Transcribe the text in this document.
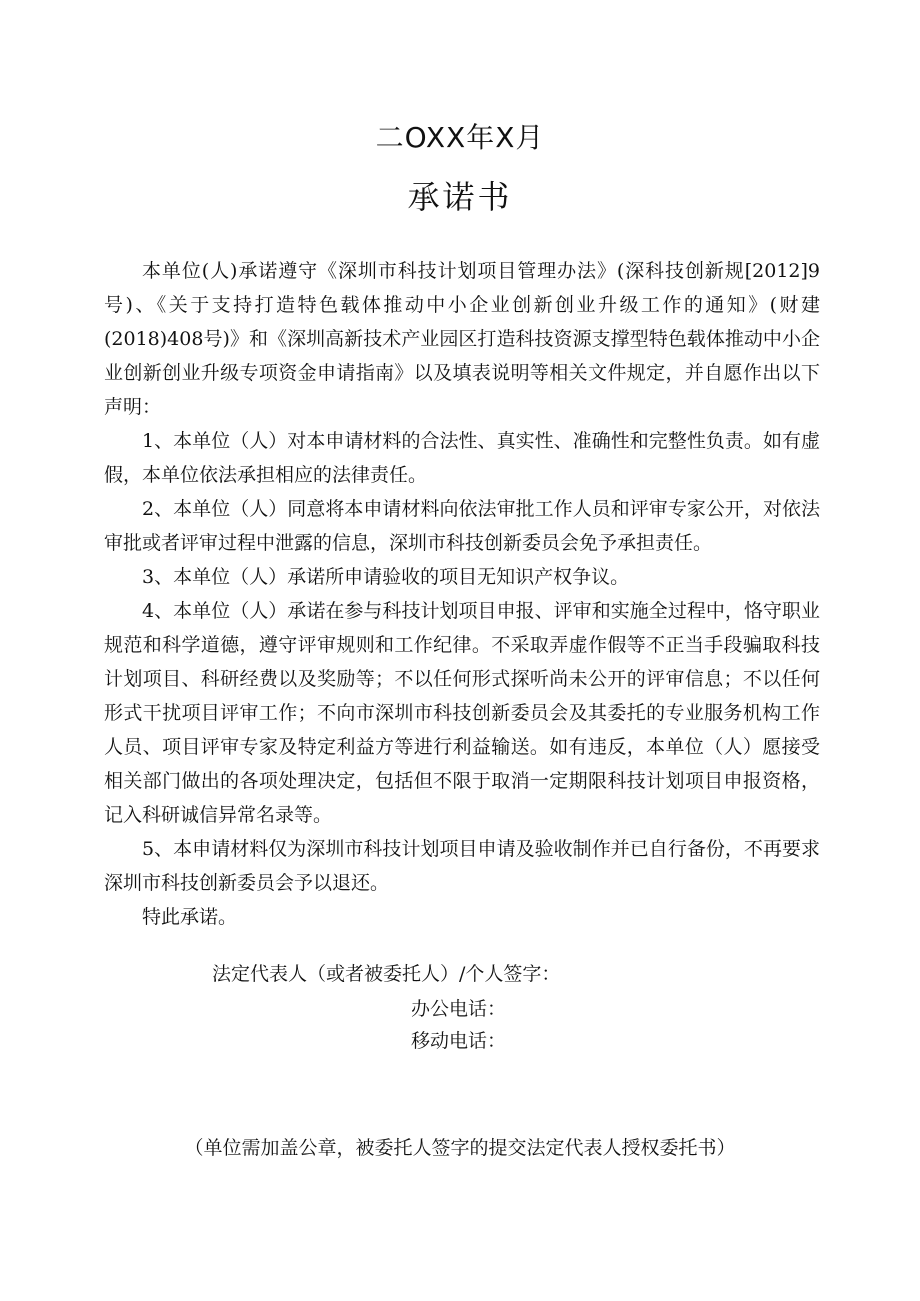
二OXX年X月
承诺书

本单位(人)承诺遵守《深圳市科技计划项目管理办法》(深科技创新规[2012]9号)、《关于支持打造特色载体推动中小企业创新创业升级工作的通知》(财建(2018)408号)》和《深圳高新技术产业园区打造科技资源支撑型特色载体推动中小企业创新创业升级专项资金申请指南》以及填表说明等相关文件规定，并自愿作出以下声明：

1、本单位（人）对本申请材料的合法性、真实性、准确性和完整性负责。如有虚假，本单位依法承担相应的法律责任。

2、本单位（人）同意将本申请材料向依法审批工作人员和评审专家公开，对依法审批或者评审过程中泄露的信息，深圳市科技创新委员会免予承担责任。

3、本单位（人）承诺所申请验收的项目无知识产权争议。

4、本单位（人）承诺在参与科技计划项目申报、评审和实施全过程中，恪守职业规范和科学道德，遵守评审规则和工作纪律。不采取弄虚作假等不正当手段骗取科技计划项目、科研经费以及奖励等；不以任何形式探听尚未公开的评审信息；不以任何形式干扰项目评审工作；不向市深圳市科技创新委员会及其委托的专业服务机构工作人员、项目评审专家及特定利益方等进行利益输送。如有违反，本单位（人）愿接受相关部门做出的各项处理决定，包括但不限于取消一定期限科技计划项目申报资格，记入科研诚信异常名录等。

5、本申请材料仅为深圳市科技计划项目申请及验收制作并已自行备份，不再要求深圳市科技创新委员会予以退还。

特此承诺。

法定代表人（或者被委托人）/个人签字：
办公电话：
移动电话：
（单位需加盖公章，被委托人签字的提交法定代表人授权委托书）
